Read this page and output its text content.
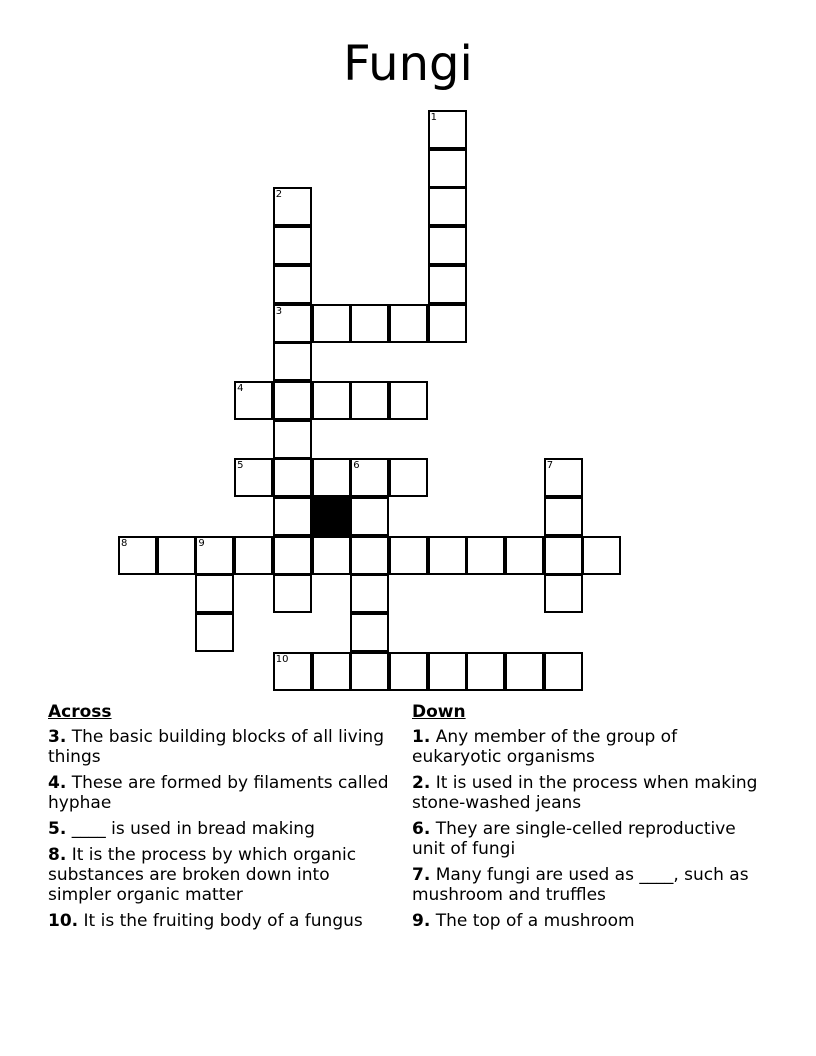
Fungi
1
2
3
4
5	6	7
8	9
10
Across
3. The basic building blocks of all living things
4. These are formed by filaments called hyphae
5. ____ is used in bread making
8. It is the process by which organic substances are broken down into simpler organic matter
10. It is the fruiting body of a fungus
Down
1. Any member of the group of eukaryotic organisms
2. It is used in the process when making stone-washed jeans
6. They are single-celled reproductive unit of fungi
7. Many fungi are used as ____, such as mushroom and truffles
9. The top of a mushroom
